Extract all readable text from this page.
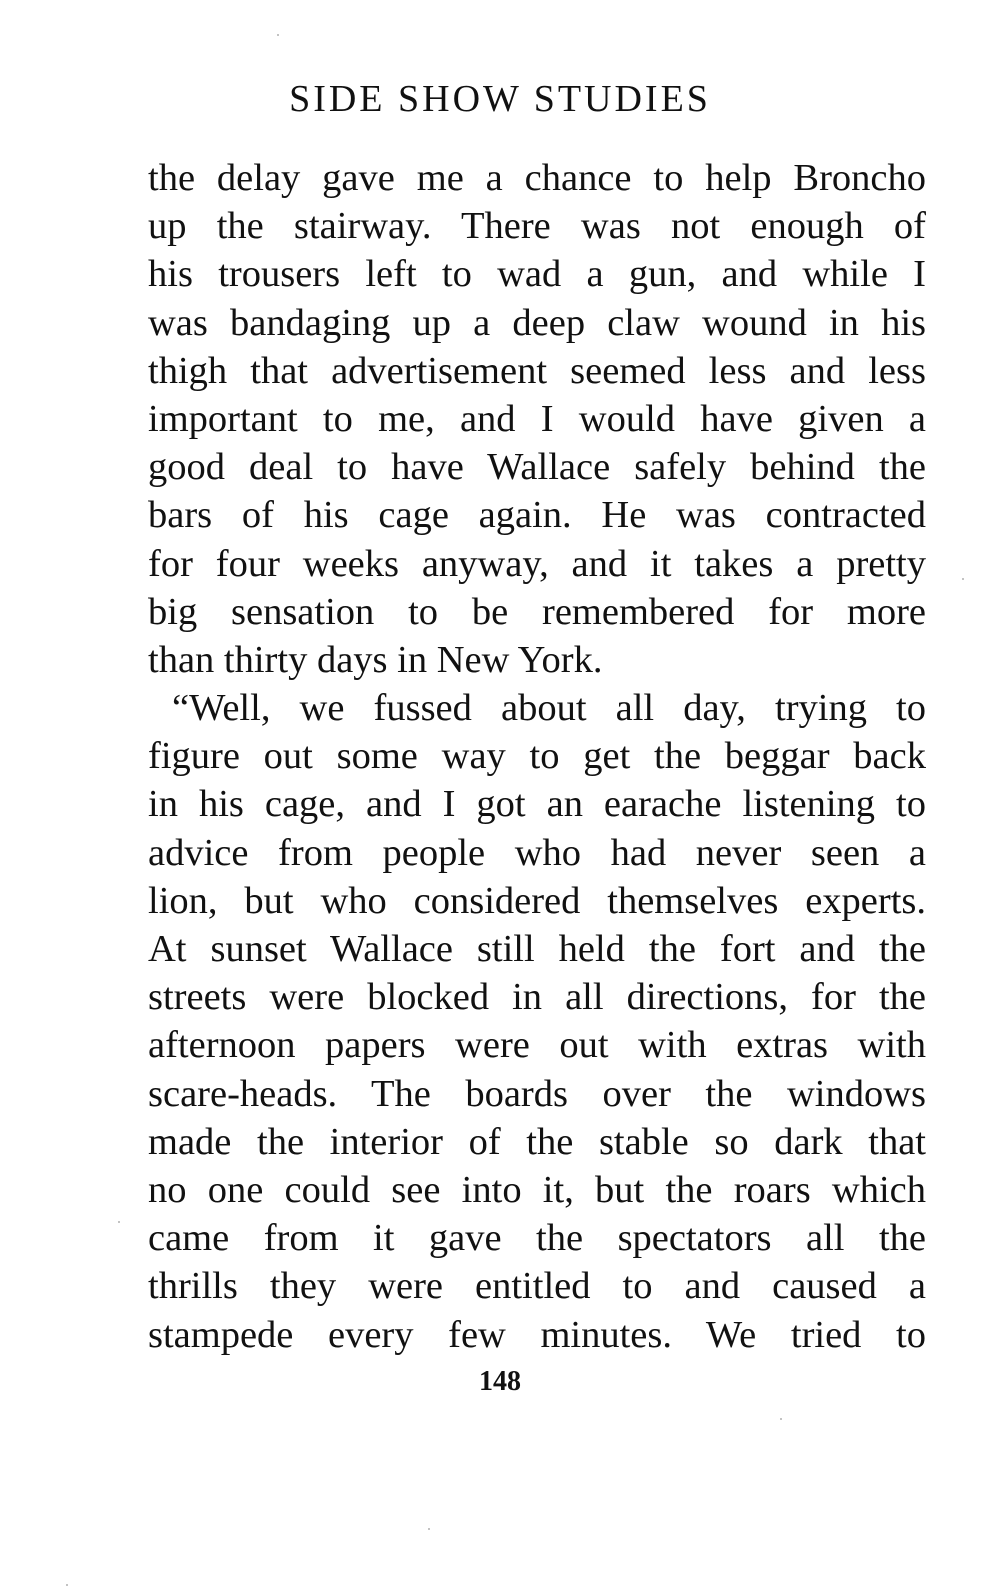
SIDE SHOW STUDIES
the delay gave me a chance to help Broncho
up the stairway. There was not enough of
his trousers left to wad a gun, and while I
was bandaging up a deep claw wound in his
thigh that advertisement seemed less and less
important to me, and I would have given a
good deal to have Wallace safely behind the
bars of his cage again. He was contracted
for four weeks anyway, and it takes a pretty
big sensation to be remembered for more
than thirty days in New York.
“Well, we fussed about all day, trying to
figure out some way to get the beggar back
in his cage, and I got an earache listening to
advice from people who had never seen a
lion, but who considered themselves experts.
At sunset Wallace still held the fort and the
streets were blocked in all directions, for the
afternoon papers were out with extras with
scare-heads. The boards over the windows
made the interior of the stable so dark that
no one could see into it, but the roars which
came from it gave the spectators all the
thrills they were entitled to and caused a
stampede every few minutes. We tried to
148
